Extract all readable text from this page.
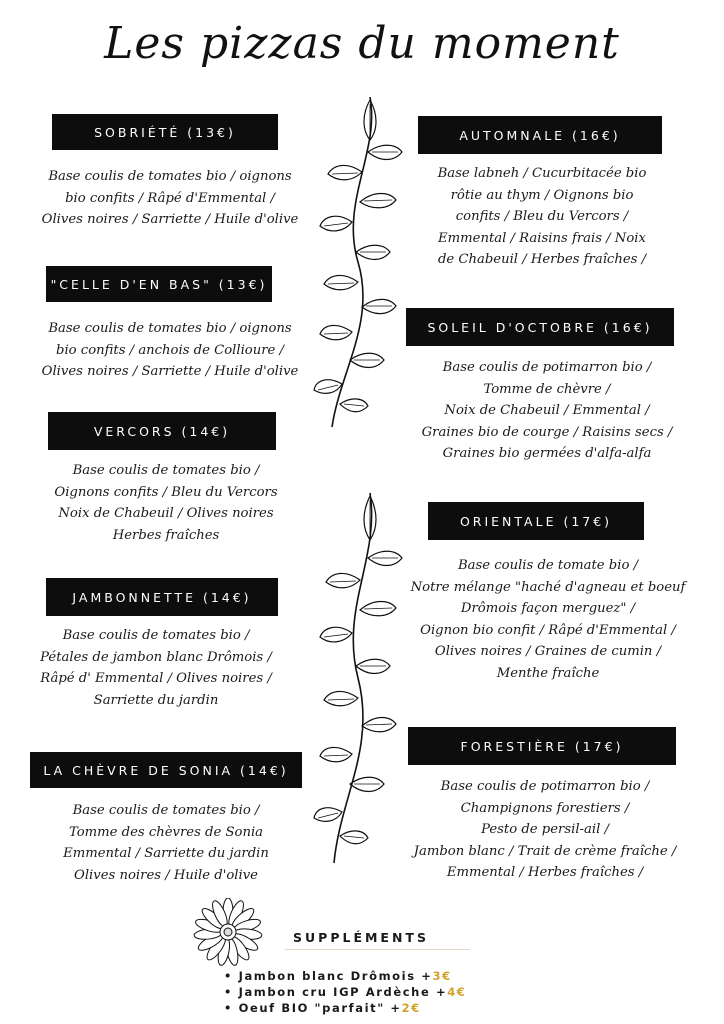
Les pizzas du moment
SOBRIÉTÉ (13€)
Base coulis de tomates bio / oignons
bio confits / Râpé d'Emmental /
Olives noires / Sarriette / Huile d'olive
"CELLE D'EN BAS" (13€)
Base coulis de tomates bio / oignons
bio confits / anchois de Collioure /
Olives noires / Sarriette / Huile d'olive
VERCORS (14€)
Base coulis de tomates bio /
Oignons confits / Bleu du Vercors
Noix de Chabeuil / Olives noires
Herbes fraîches
JAMBONNETTE (14€)
Base coulis de tomates bio /
Pétales de jambon blanc Drômois /
Râpé d' Emmental / Olives noires /
Sarriette du jardin
LA CHÈVRE DE SONIA (14€)
Base coulis de tomates bio /
Tomme des chèvres de Sonia
Emmental / Sarriette du jardin
Olives noires / Huile d'olive
AUTOMNALE (16€)
Base labneh / Cucurbitacée bio
rôtie au thym / Oignons bio
confits / Bleu du Vercors /
Emmental / Raisins frais / Noix
de Chabeuil / Herbes fraîches /
SOLEIL D'OCTOBRE (16€)
Base coulis de potimarron bio /
Tomme de chèvre /
Noix de Chabeuil / Emmental /
Graines bio de courge / Raisins secs /
Graines bio germées d'alfa-alfa
ORIENTALE (17€)
Base coulis de tomate bio /
Notre mélange "haché d'agneau et boeuf
Drômois façon merguez" /
Oignon bio confit / Râpé d'Emmental /
Olives noires / Graines de cumin /
Menthe fraîche
FORESTIÈRE (17€)
Base coulis de potimarron bio /
Champignons forestiers /
Pesto de persil-ail /
Jambon blanc / Trait de crème fraîche /
Emmental / Herbes fraîches /
SUPPLÉMENTS
• Jambon blanc Drômois +3€
• Jambon cru IGP Ardèche +4€
• Oeuf BIO "parfait" +2€
